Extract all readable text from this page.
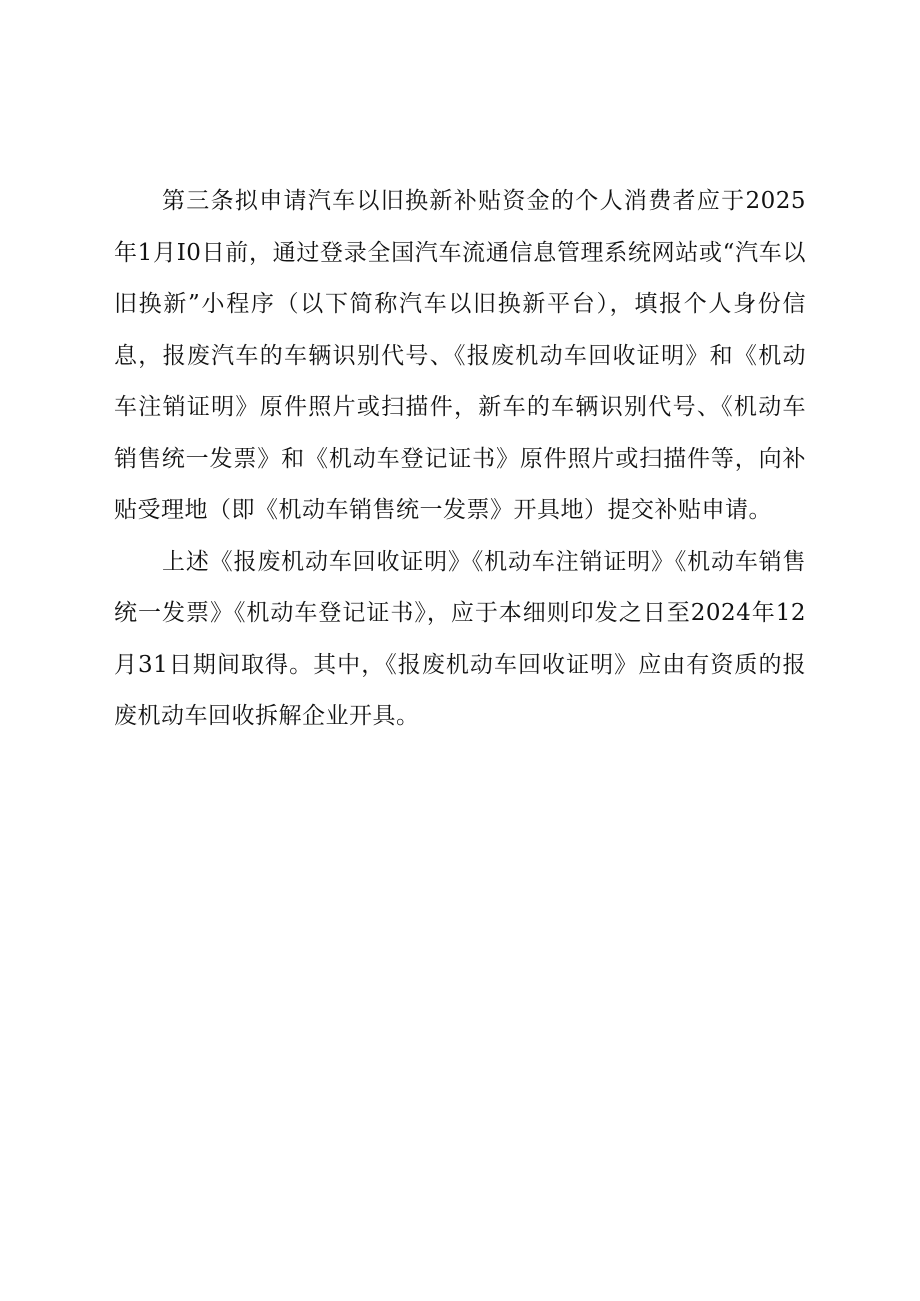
第三条拟申请汽车以旧换新补贴资金的个人消费者应于2025年1月I0日前，通过登录全国汽车流通信息管理系统网站或“汽车以旧换新”小程序（以下简称汽车以旧换新平台），填报个人身份信息，报废汽车的车辆识别代号、《报废机动车回收证明》和《机动车注销证明》原件照片或扫描件，新车的车辆识别代号、《机动车销售统一发票》和《机动车登记证书》原件照片或扫描件等，向补贴受理地（即《机动车销售统一发票》开具地）提交补贴申请。

上述《报废机动车回收证明》《机动车注销证明》《机动车销售统一发票》《机动车登记证书》，应于本细则印发之日至2024年12月31日期间取得。其中，《报废机动车回收证明》应由有资质的报废机动车回收拆解企业开具。
